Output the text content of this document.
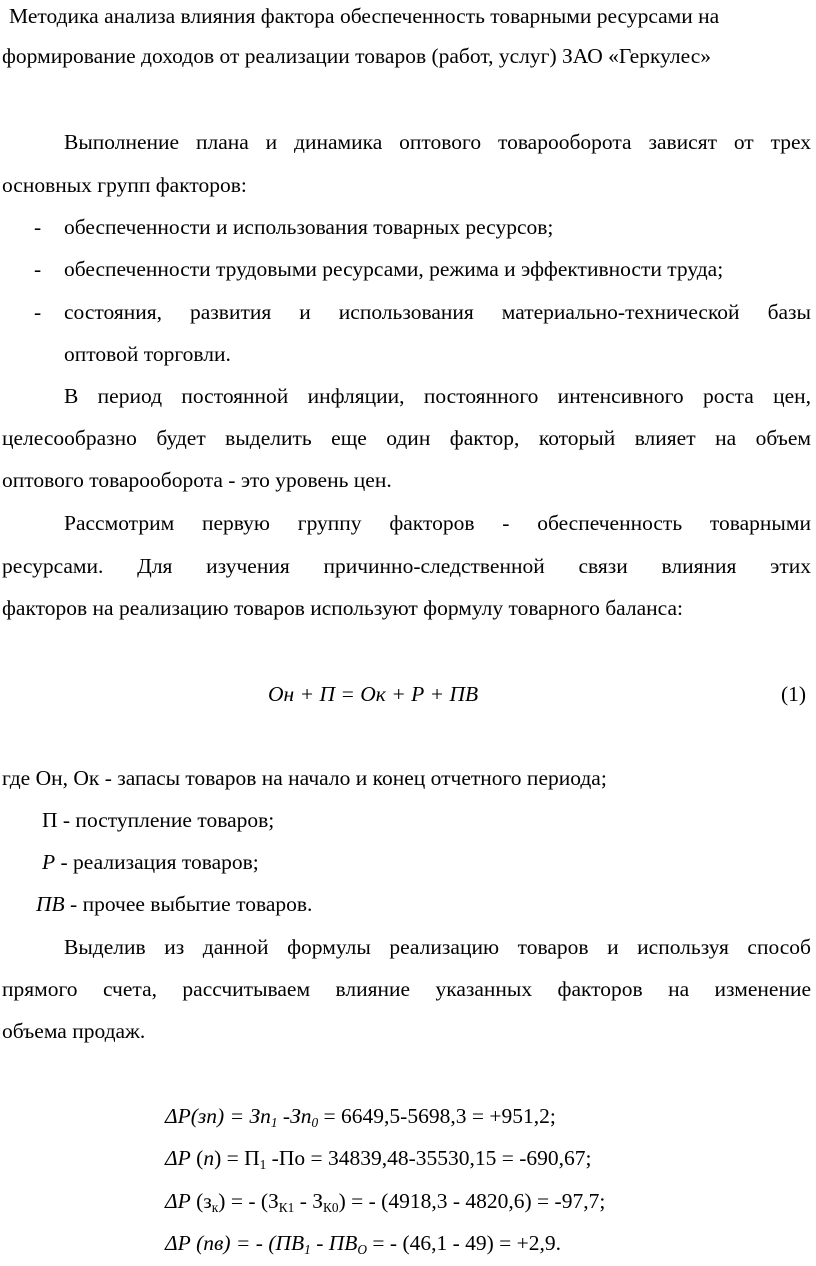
Методика анализа влияния фактора обеспеченность товарными ресурсами на
формирование доходов от реализации товаров (работ, услуг) ЗАО «Геркулес»
Выполнение плана и динамика оптового товарооборота зависят от трех
основных групп факторов:
- обеспеченности и использования товарных ресурсов;
- обеспеченности трудовыми ресурсами, режима и эффективности труда;
- состояния, развития и использования материально-технической базы
оптовой торговли.
В период постоянной инфляции, постоянного интенсивного роста цен,
целесообразно будет выделить еще один фактор, который влияет на объем
оптового товарооборота - это уровень цен.
Рассмотрим первую группу факторов - обеспеченность товарными
ресурсами. Для изучения причинно-следственной связи влияния этих
факторов на реализацию товаров используют формулу товарного баланса:
Он + П = Ок + Р + ПВ	(1)
где Он, Ок - запасы товаров на начало и конец отчетного периода;
П - поступление товаров;
Р - реализация товаров;
ПВ - прочее выбытие товаров.
Выделив из данной формулы реализацию товаров и используя способ
прямого счета, рассчитываем влияние указанных факторов на изменение
объема продаж.
$\Delta Р(зп) = Зп_1$ $-Зп_0 = 6649,5-5698,3 = +951,2$;
ΔР $(п) = П_1$ -По = 34839,48-35530,15 = -690,67;
ΔР $(з_к)$ = - $(З_{К1} - З_{К0})$ = - (4918,3 - 4820,6) = -97,7;
ΔР (пв) = - ($ПВ_1 - ПВ_О$ = - (46,1 - 49) = +2,9.
